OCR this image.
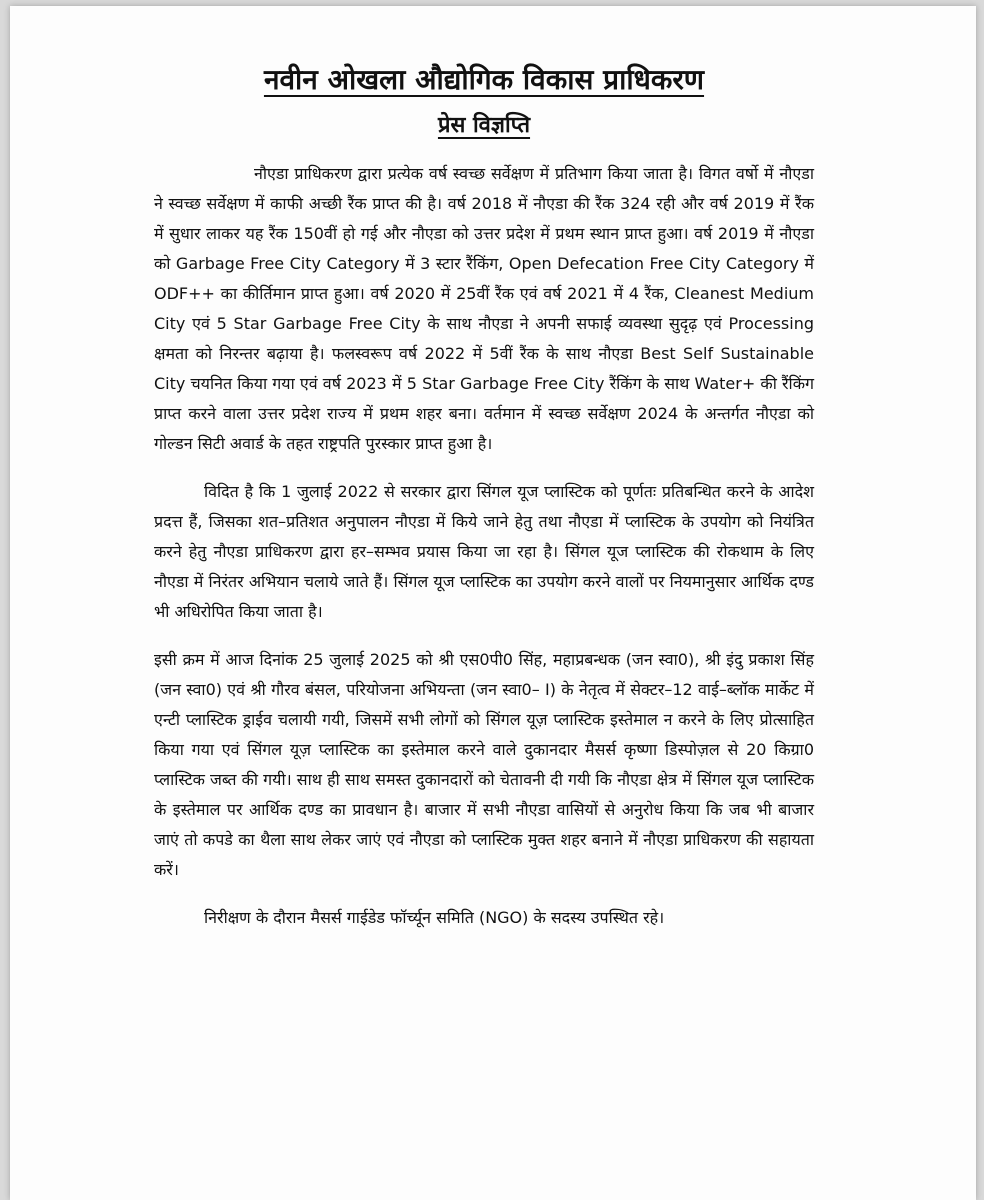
नवीन ओखला औद्योगिक विकास प्राधिकरण
प्रेस विज्ञप्ति

नौएडा प्राधिकरण द्वारा प्रत्येक वर्ष स्वच्छ सर्वेक्षण में प्रतिभाग किया जाता है। विगत वर्षो में नौएडा ने स्वच्छ सर्वेक्षण में काफी अच्छी रैंक प्राप्त की है। वर्ष 2018 में नौएडा की रैंक 324 रही और वर्ष 2019 में रैंक में सुधार लाकर यह रैंक 150वीं हो गई और नौएडा को उत्तर प्रदेश में प्रथम स्थान प्राप्त हुआ। वर्ष 2019 में नौएडा को Garbage Free City Category में 3 स्टार रैंकिंग, Open Defecation Free City Category में ODF++ का कीर्तिमान प्राप्त हुआ। वर्ष 2020 में 25वीं रैंक एवं वर्ष 2021 में 4 रैंक, Cleanest Medium City एवं 5 Star Garbage Free City के साथ नौएडा ने अपनी सफाई व्यवस्था सुदृढ़ एवं Processing क्षमता को निरन्तर बढ़ाया है। फलस्वरूप वर्ष 2022 में 5वीं रैंक के साथ नौएडा Best Self Sustainable City चयनित किया गया एवं वर्ष 2023 में 5 Star Garbage Free City रैंकिंग के साथ Water+ की रैंकिंग प्राप्त करने वाला उत्तर प्रदेश राज्य में प्रथम शहर बना। वर्तमान में स्वच्छ सर्वेक्षण 2024 के अन्तर्गत नौएडा को गोल्डन सिटी अवार्ड के तहत राष्ट्रपति पुरस्कार प्राप्त हुआ है।

विदित है कि 1 जुलाई 2022 से सरकार द्वारा सिंगल यूज प्लास्टिक को पूर्णतः प्रतिबन्धित करने के आदेश प्रदत्त हैं, जिसका शत–प्रतिशत अनुपालन नौएडा में किये जाने हेतु तथा नौएडा में प्लास्टिक के उपयोग को नियंत्रित करने हेतु नौएडा प्राधिकरण द्वारा हर–सम्भव प्रयास किया जा रहा है। सिंगल यूज प्लास्टिक की रोकथाम के लिए नौएडा में निरंतर अभियान चलाये जाते हैं। सिंगल यूज प्लास्टिक का उपयोग करने वालों पर नियमानुसार आर्थिक दण्ड भी अधिरोपित किया जाता है।

इसी क्रम में आज दिनांक 25 जुलाई 2025 को श्री एस0पी0 सिंह, महाप्रबन्धक (जन स्वा0), श्री इंदु प्रकाश सिंह (जन स्वा0) एवं श्री गौरव बंसल, परियोजना अभियन्ता (जन स्वा0– I) के नेतृत्व में सेक्टर–12 वाई–ब्लॉक मार्केट में एन्टी प्लास्टिक ड्राईव चलायी गयी, जिसमें सभी लोगों को सिंगल यूज़ प्लास्टिक इस्तेमाल न करने के लिए प्रोत्साहित किया गया एवं सिंगल यूज़ प्लास्टिक का इस्तेमाल करने वाले दुकानदार मैसर्स कृष्णा डिस्पोज़ल से 20 किग्रा0 प्लास्टिक जब्त की गयी। साथ ही साथ समस्त दुकानदारों को चेतावनी दी गयी कि नौएडा क्षेत्र में सिंगल यूज प्लास्टिक के इस्तेमाल पर आर्थिक दण्ड का प्रावधान है। बाजार में सभी नौएडा वासियों से अनुरोध किया कि जब भी बाजार जाएं तो कपडे का थैला साथ लेकर जाएं एवं नौएडा को प्लास्टिक मुक्त शहर बनाने में नौएडा प्राधिकरण की सहायता करें।

निरीक्षण के दौरान मैसर्स गाईडेड फॉर्च्यून समिति (NGO) के सदस्य उपस्थित रहे।
